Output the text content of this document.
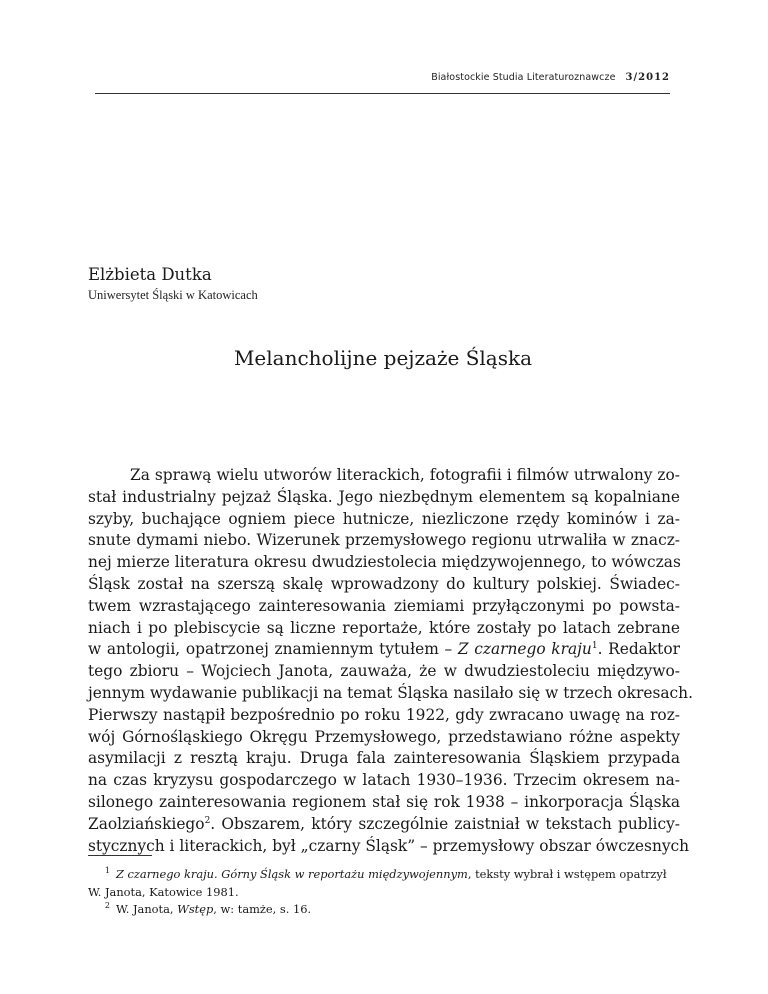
Białostockie Studia Literaturoznawcze 3/2012
Elżbieta Dutka
Uniwersytet Śląski w Katowicach
Melancholijne pejzaże Śląska
Za sprawą wielu utworów literackich, fotografii i filmów utrwalony zo-
stał industrialny pejzaż Śląska. Jego niezbędnym elementem są kopalniane
szyby, buchające ogniem piece hutnicze, niezliczone rzędy kominów i za-
snute dymami niebo. Wizerunek przemysłowego regionu utrwaliła w znacz-
nej mierze literatura okresu dwudziestolecia międzywojennego, to wówczas
Śląsk został na szerszą skalę wprowadzony do kultury polskiej. Świadec-
twem wzrastającego zainteresowania ziemiami przyłączonymi po powsta-
niach i po plebiscycie są liczne reportaże, które zostały po latach zebrane
w antologii, opatrzonej znamiennym tytułem – Z czarnego kraju$^1$. Redaktor
tego zbioru – Wojciech Janota, zauważa, że w dwudziestoleciu międzywo-
jennym wydawanie publikacji na temat Śląska nasilało się w trzech okresach.
Pierwszy nastąpił bezpośrednio po roku 1922, gdy zwracano uwagę na roz-
wój Górnośląskiego Okręgu Przemysłowego, przedstawiano różne aspekty
asymilacji z resztą kraju. Druga fala zainteresowania Śląskiem przypada
na czas kryzysu gospodarczego w latach 1930–1936. Trzecim okresem na-
silonego zainteresowania regionem stał się rok 1938 – inkorporacja Śląska
Zaolziańskiego$^2$. Obszarem, który szczególnie zaistniał w tekstach publicy-
stycznych i literackich, był „czarny Śląsk” – przemysłowy obszar ówczesnych
1 Z czarnego kraju. Górny Śląsk w reportażu międzywojennym, teksty wybrał i wstępem opatrzył
W. Janota, Katowice 1981.
2 W. Janota, Wstęp, w: tamże, s. 16.
